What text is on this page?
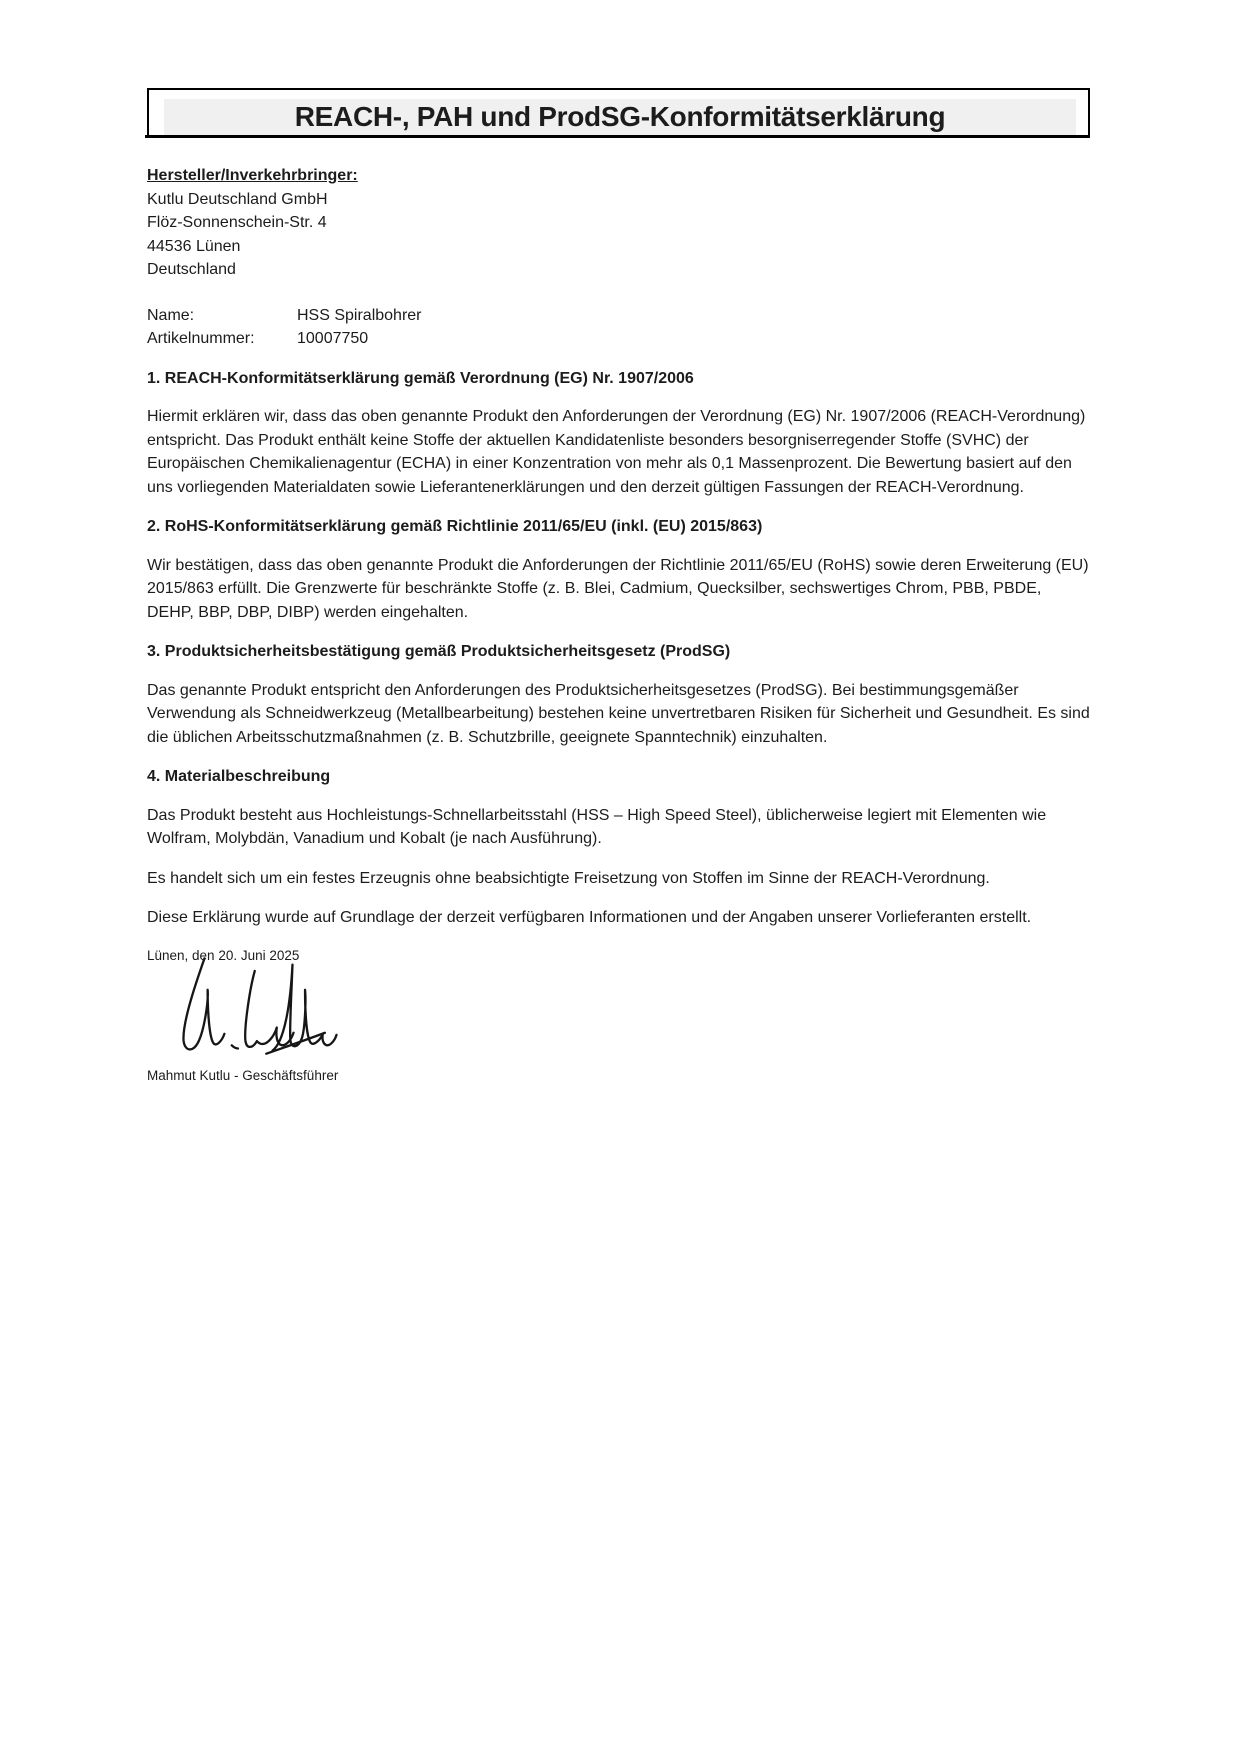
REACH-, PAH und ProdSG-Konformitätserklärung
Hersteller/Inverkehrbringer:
Kutlu Deutschland GmbH
Flöz-Sonnenschein-Str. 4
44536 Lünen
Deutschland
Name:	HSS Spiralbohrer
Artikelnummer:	10007750
1. REACH-Konformitätserklärung gemäß Verordnung (EG) Nr. 1907/2006

Hiermit erklären wir, dass das oben genannte Produkt den Anforderungen der Verordnung (EG) Nr. 1907/2006 (REACH-Verordnung) entspricht. Das Produkt enthält keine Stoffe der aktuellen Kandidatenliste besonders besorgniserregender Stoffe (SVHC) der Europäischen Chemikalienagentur (ECHA) in einer Konzentration von mehr als 0,1 Massenprozent. Die Bewertung basiert auf den uns vorliegenden Materialdaten sowie Lieferantenerklärungen und den derzeit gültigen Fassungen der REACH-Verordnung.

2. RoHS-Konformitätserklärung gemäß Richtlinie 2011/65/EU (inkl. (EU) 2015/863)

Wir bestätigen, dass das oben genannte Produkt die Anforderungen der Richtlinie 2011/65/EU (RoHS) sowie deren Erweiterung (EU) 2015/863 erfüllt. Die Grenzwerte für beschränkte Stoffe (z. B. Blei, Cadmium, Quecksilber, sechswertiges Chrom, PBB, PBDE, DEHP, BBP, DBP, DIBP) werden eingehalten.

3. Produktsicherheitsbestätigung gemäß Produktsicherheitsgesetz (ProdSG)

Das genannte Produkt entspricht den Anforderungen des Produktsicherheitsgesetzes (ProdSG). Bei bestimmungsgemäßer Verwendung als Schneidwerkzeug (Metallbearbeitung) bestehen keine unvertretbaren Risiken für Sicherheit und Gesundheit. Es sind die üblichen Arbeitsschutzmaßnahmen (z. B. Schutzbrille, geeignete Spanntechnik) einzuhalten.

4. Materialbeschreibung

Das Produkt besteht aus Hochleistungs-Schnellarbeitsstahl (HSS – High Speed Steel), üblicherweise legiert mit Elementen wie Wolfram, Molybdän, Vanadium und Kobalt (je nach Ausführung).

Es handelt sich um ein festes Erzeugnis ohne beabsichtigte Freisetzung von Stoffen im Sinne der REACH-Verordnung.

Diese Erklärung wurde auf Grundlage der derzeit verfügbaren Informationen und der Angaben unserer Vorlieferanten erstellt.

Lünen, den 20. Juni 2025
Mahmut Kutlu - Geschäftsführer
